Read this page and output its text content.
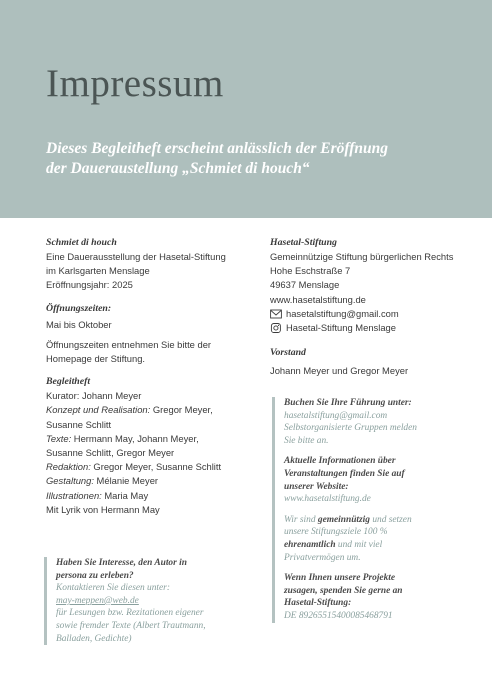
Impressum
Dieses Begleitheft erscheint anlässlich der Eröffnung
der Daueraustellung „Schmiet di houch“
Schmiet di houch
Eine Dauerausstellung der Hasetal-Stiftung
im Karlsgarten Menslage
Eröffnungsjahr: 2025
Öffnungszeiten:
Mai bis Oktober
Öffnungszeiten entnehmen Sie bitte der
Homepage der Stiftung.
Begleitheft
Kurator: Johann Meyer
Konzept und Realisation: Gregor Meyer,
Susanne Schlitt
Texte: Hermann May, Johann Meyer,
Susanne Schlitt, Gregor Meyer
Redaktion: Gregor Meyer, Susanne Schlitt
Gestaltung: Mélanie Meyer
Illustrationen: Maria May
Mit Lyrik von Hermann May
Haben Sie Interesse, den Autor in
persona zu erleben?
Kontaktieren Sie diesen unter:
may-meppen@web.de
für Lesungen bzw. Rezitationen eigener
sowie fremder Texte (Albert Trautmann,
Balladen, Gedichte)
Hasetal-Stiftung
Gemeinnützige Stiftung bürgerlichen Rechts
Hohe Eschstraße 7
49637 Menslage
www.hasetalstiftung.de
hasetalstiftung@gmail.com
Hasetal-Stiftung Menslage
Vorstand
Johann Meyer und Gregor Meyer
Buchen Sie Ihre Führung unter:
hasetalstiftung@gmail.com
Selbstorganisierte Gruppen melden
Sie bitte an.
Aktuelle Informationen über
Veranstaltungen finden Sie auf
unserer Website:
www.hasetalstiftung.de
Wir sind gemeinnützig und setzen
unsere Stiftungsziele 100 %
ehrenamtlich und mit viel
Privatvermögen um.
Wenn Ihnen unsere Projekte
zusagen, spenden Sie gerne an
Hasetal-Stiftung:
DE 89265515400085468791
